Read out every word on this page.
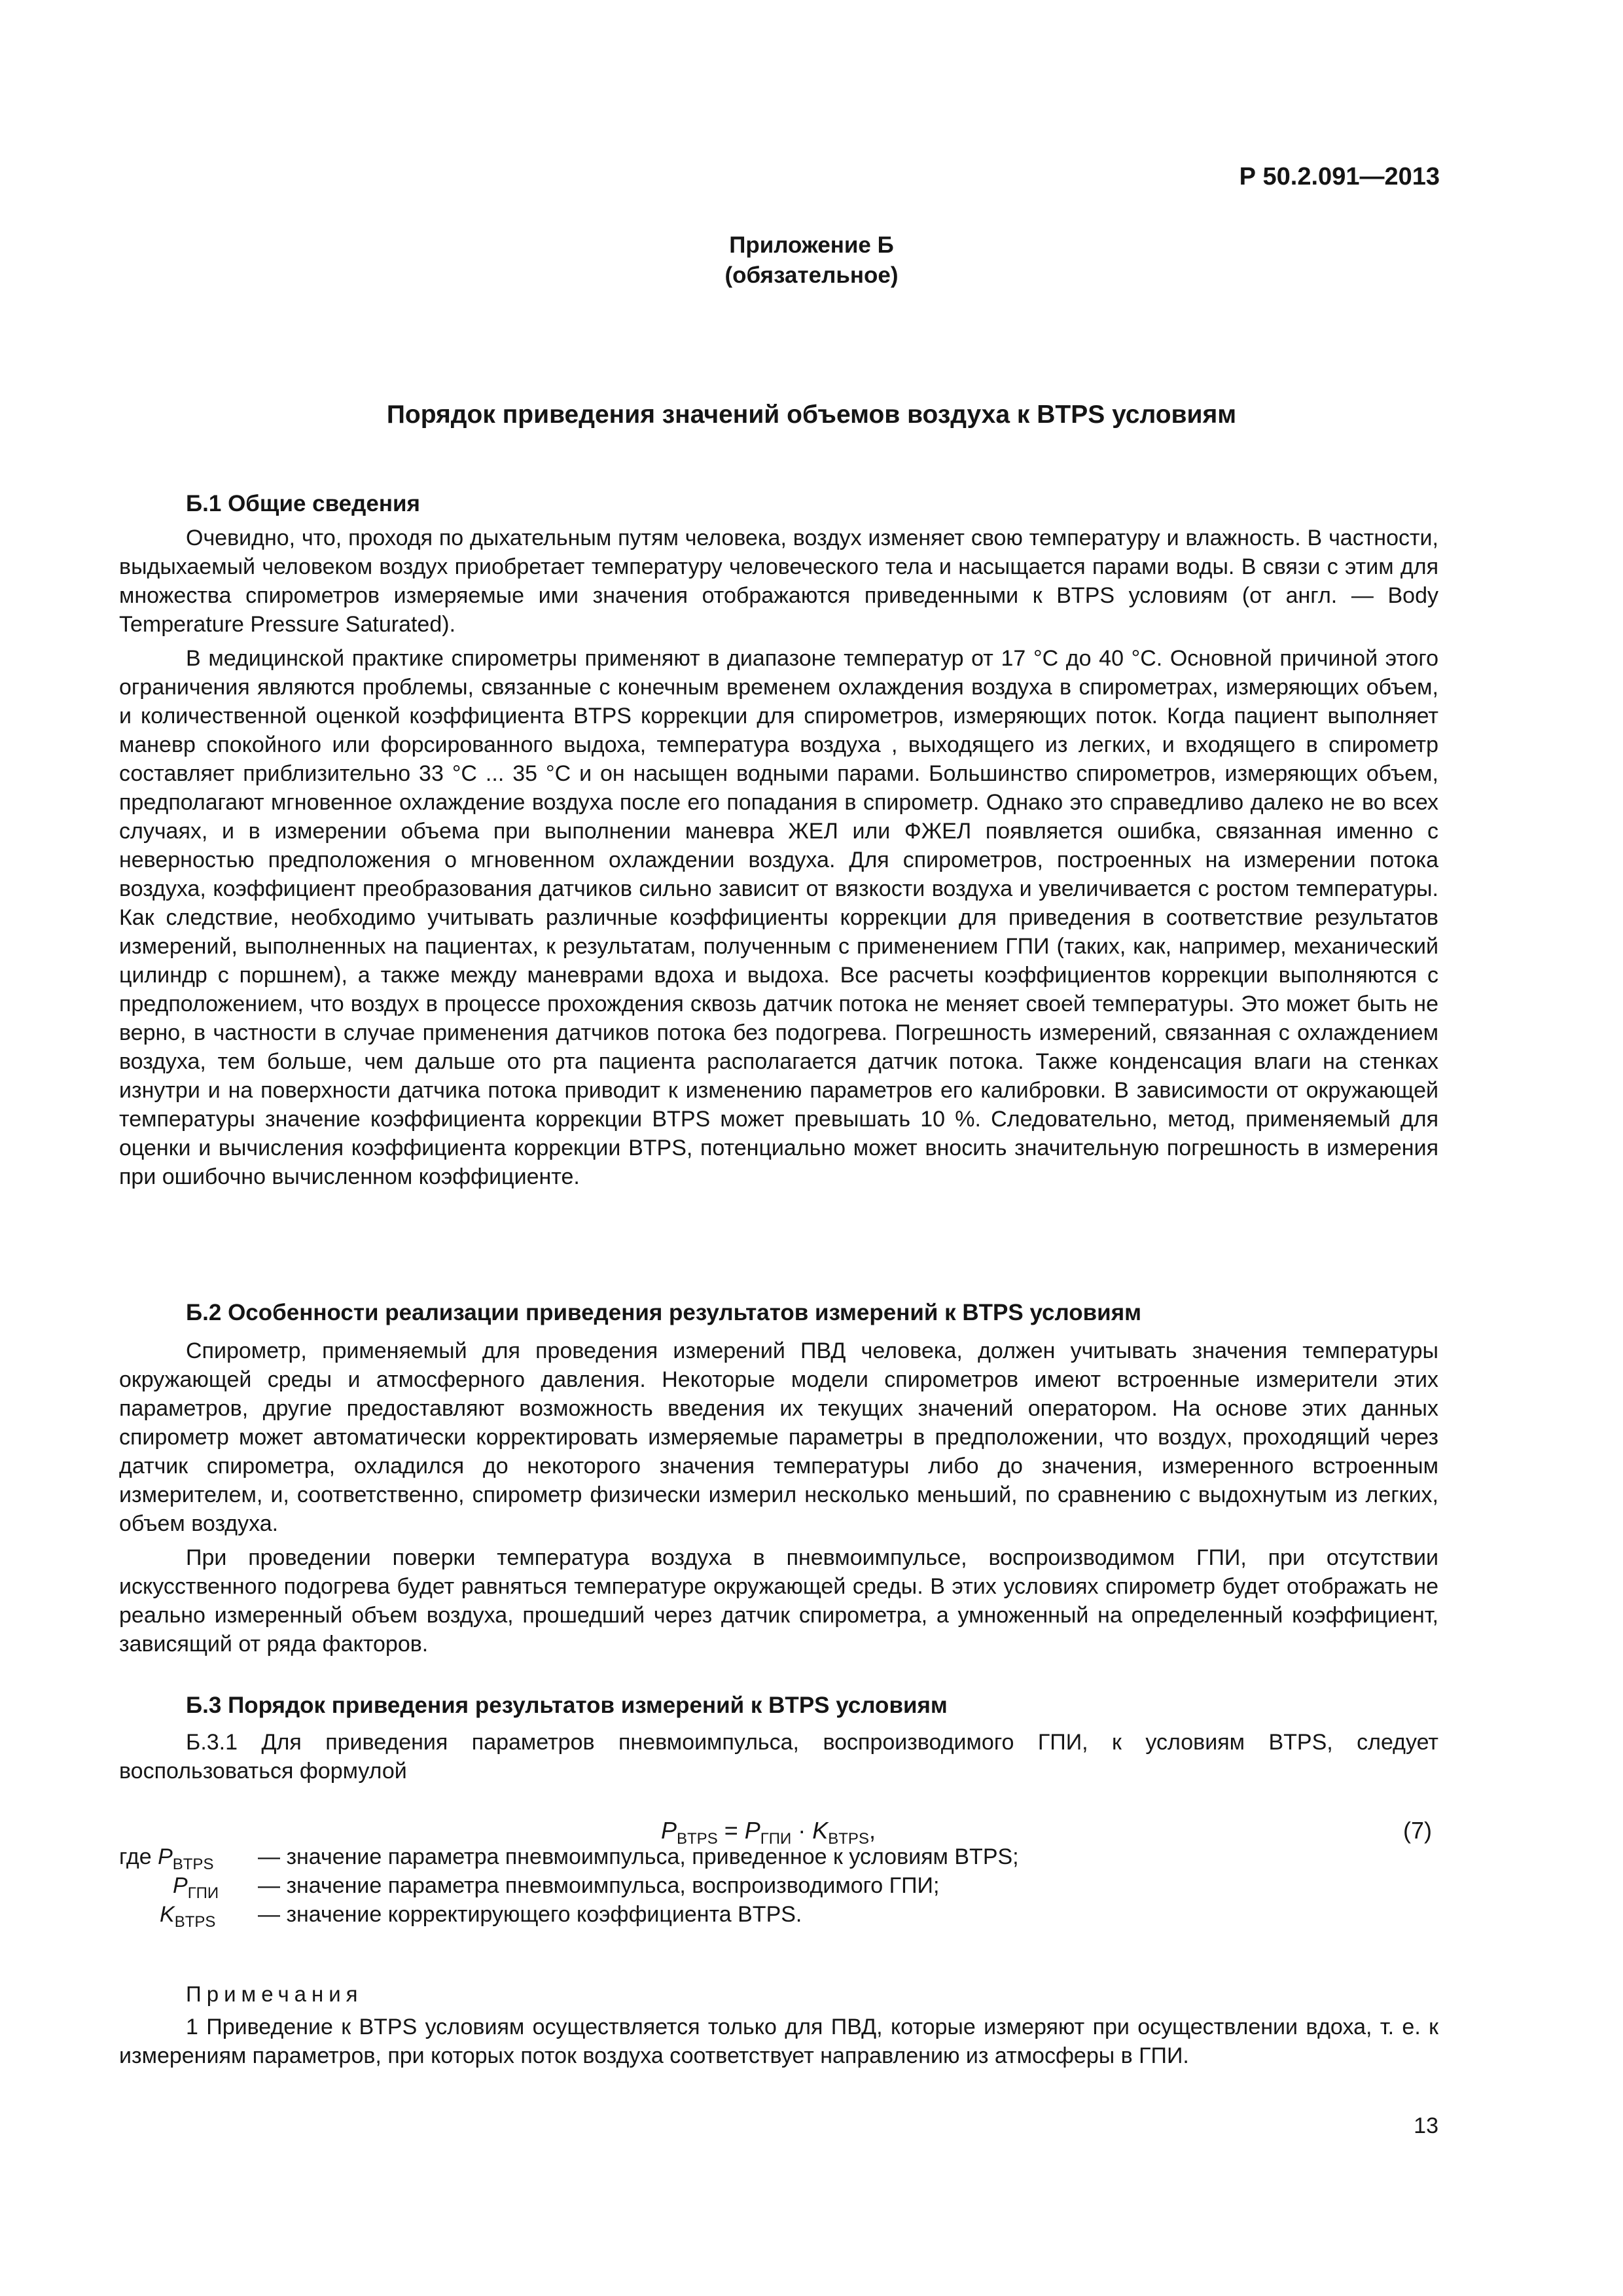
Р 50.2.091—2013
Приложение Б
(обязательное)
Порядок приведения значений объемов воздуха к BTPS условиям
Б.1 Общие сведения

Очевидно, что, проходя по дыхательным путям человека, воздух изменяет свою температуру и влажность. В частности, выдыхаемый человеком воздух приобретает температуру человеческого тела и насыщается парами воды. В связи с этим для множества спирометров измеряемые ими значения отображаются приведенными к BTPS условиям (от англ. — Body Temperature Pressure Saturated).

В медицинской практике спирометры применяют в диапазоне температур от 17 °C до 40 °C. Основной причиной этого ограничения являются проблемы, связанные с конечным временем охлаждения воздуха в спирометрах, измеряющих объем, и количественной оценкой коэффициента BTPS коррекции для спирометров, измеряющих поток. Когда пациент выполняет маневр спокойного или форсированного выдоха, температура воздуха , выходящего из легких, и входящего в спирометр составляет приблизительно 33 °C ... 35 °C и он насыщен водными парами. Большинство спирометров, измеряющих объем, предполагают мгновенное охлаждение воздуха после его попадания в спирометр. Однако это справедливо далеко не во всех случаях, и в измерении объема при выполнении маневра ЖЕЛ или ФЖЕЛ появляется ошибка, связанная именно с неверностью предположения о мгновенном охлаждении воздуха. Для спирометров, построенных на измерении потока воздуха, коэффициент преобразования датчиков сильно зависит от вязкости воздуха и увеличивается с ростом температуры. Как следствие, необходимо учитывать различные коэффициенты коррекции для приведения в соответствие результатов измерений, выполненных на пациентах, к результатам, полученным с применением ГПИ (таких, как, например, механический цилиндр с поршнем), а также между маневрами вдоха и выдоха. Все расчеты коэффициентов коррекции выполняются с предположением, что воздух в процессе прохождения сквозь датчик потока не меняет своей температуры. Это может быть не верно, в частности в случае применения датчиков потока без подогрева. Погрешность измерений, связанная с охлаждением воздуха, тем больше, чем дальше ото рта пациента располагается датчик потока. Также конденсация влаги на стенках изнутри и на поверхности датчика потока приводит к изменению параметров его калибровки. В зависимости от окружающей температуры значение коэффициента коррекции BTPS может превышать 10 %. Следовательно, метод, применяемый для оценки и вычисления коэффициента коррекции BTPS, потенциально может вносить значительную погрешность в измерения при ошибочно вычисленном коэффициенте.

Б.2 Особенности реализации приведения результатов измерений к BTPS условиям

Спирометр, применяемый для проведения измерений ПВД человека, должен учитывать значения температуры окружающей среды и атмосферного давления. Некоторые модели спирометров имеют встроенные измерители этих параметров, другие предоставляют возможность введения их текущих значений оператором. На основе этих данных спирометр может автоматически корректировать измеряемые параметры в предположении, что воздух, проходящий через датчик спирометра, охладился до некоторого значения температуры либо до значения, измеренного встроенным измерителем, и, соответственно, спирометр физически измерил несколько меньший, по сравнению с выдохнутым из легких, объем воздуха.

При проведении поверки температура воздуха в пневмоимпульсе, воспроизводимом ГПИ, при отсутствии искусственного подогрева будет равняться температуре окружающей среды. В этих условиях спирометр будет отображать не реально измеренный объем воздуха, прошедший через датчик спирометра, а умноженный на определенный коэффициент, зависящий от ряда факторов.

Б.3 Порядок приведения результатов измерений к BTPS условиям

Б.3.1 Для приведения параметров пневмоимпульса, воспроизводимого ГПИ, к условиям BTPS, следует воспользоваться формулой

$P_{BTPS} = P_{ГПИ} \cdot K_{BTPS}$,	(7)
где $P_{BTPS}$ — значение параметра пневмоимпульса, приведенное к условиям BTPS;
$P_{ГПИ}$ — значение параметра пневмоимпульса, воспроизводимого ГПИ;
$K_{BTPS}$ — значение корректирующего коэффициента BTPS.
Примечания

1 Приведение к BTPS условиям осуществляется только для ПВД, которые измеряют при осуществлении вдоха, т. е. к измерениям параметров, при которых поток воздуха соответствует направлению из атмосферы в ГПИ.

13
